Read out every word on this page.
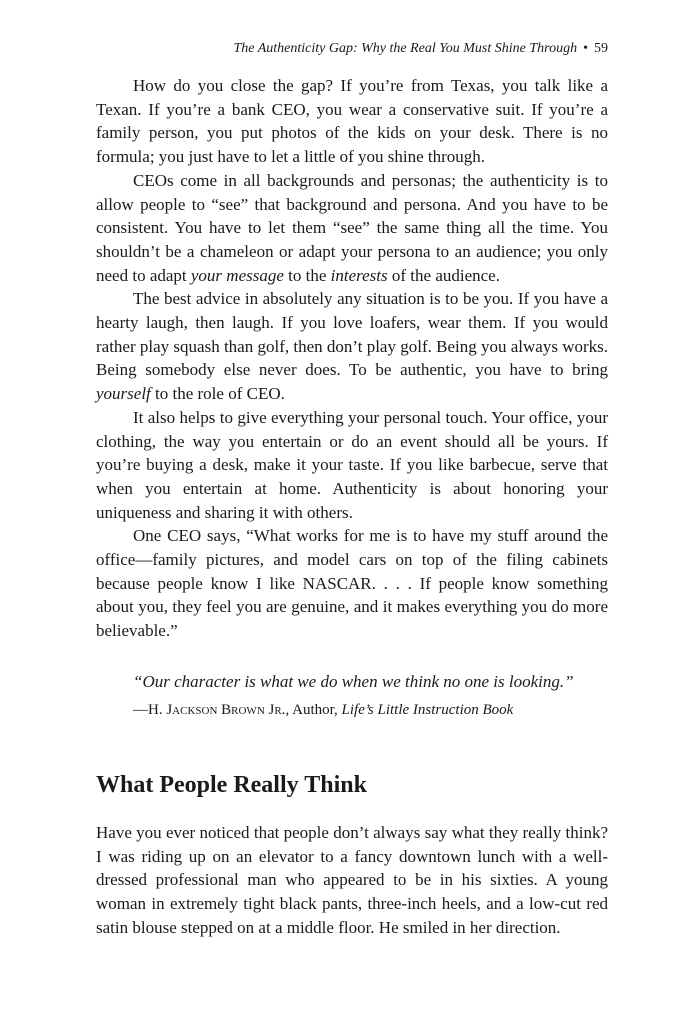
The Authenticity Gap: Why the Real You Must Shine Through • 59

How do you close the gap? If you’re from Texas, you talk like a Texan. If you’re a bank CEO, you wear a conservative suit. If you’re a family person, you put photos of the kids on your desk. There is no formula; you just have to let a little of you shine through.

CEOs come in all backgrounds and personas; the authenticity is to allow people to “see” that background and persona. And you have to be consistent. You have to let them “see” the same thing all the time. You shouldn’t be a chameleon or adapt your persona to an audience; you only need to adapt your message to the interests of the audience.

The best advice in absolutely any situation is to be you. If you have a hearty laugh, then laugh. If you love loafers, wear them. If you would rather play squash than golf, then don’t play golf. Being you always works. Being somebody else never does. To be authentic, you have to bring yourself to the role of CEO.

It also helps to give everything your personal touch. Your office, your clothing, the way you entertain or do an event should all be yours. If you’re buying a desk, make it your taste. If you like barbecue, serve that when you entertain at home. Authenticity is about honoring your uniqueness and sharing it with others.

One CEO says, “What works for me is to have my stuff around the office—family pictures, and model cars on top of the filing cabinets because people know I like NASCAR. . . . If people know something about you, they feel you are genuine, and it makes everything you do more believable.”

“Our character is what we do when we think no one is looking.”
—H. Jackson Brown Jr., Author, Life’s Little Instruction Book
What People Really Think

Have you ever noticed that people don’t always say what they really think? I was riding up on an elevator to a fancy downtown lunch with a well-dressed professional man who appeared to be in his sixties. A young woman in extremely tight black pants, three-inch heels, and a low-cut red satin blouse stepped on at a middle floor. He smiled in her direction.
